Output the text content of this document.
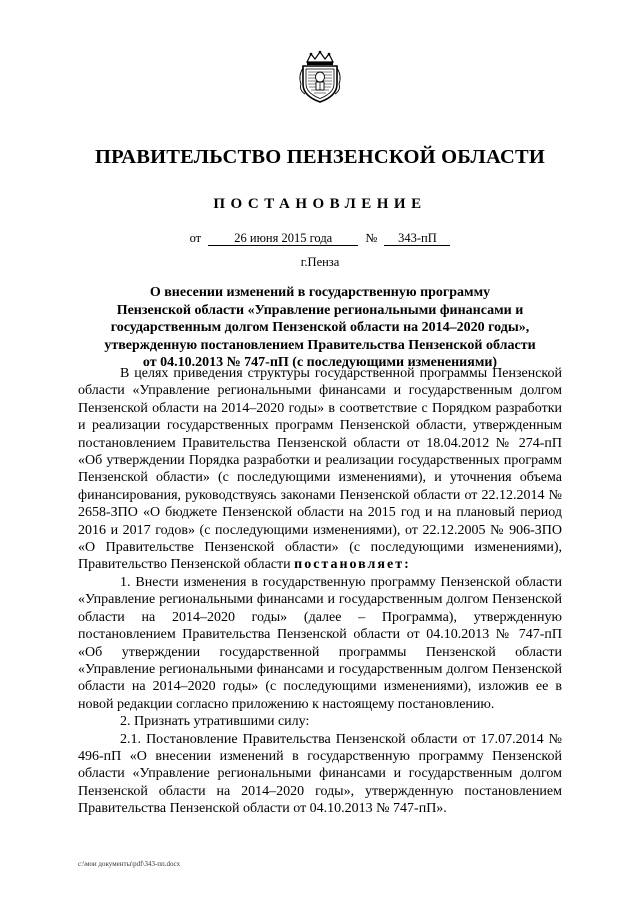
ПРАВИТЕЛЬСТВО ПЕНЗЕНСКОЙ ОБЛАСТИ
ПОСТАНОВЛЕНИЕ
от	26 июня 2015 года	№ 343-пП
г.Пенза
О внесении изменений в государственную программу
Пензенской области «Управление региональными финансами и
государственным долгом Пензенской области на 2014–2020 годы»,
утвержденную постановлением Правительства Пензенской области
от 04.10.2013 № 747-пП (с последующими изменениями)

В целях приведения структуры государственной программы Пензенской области «Управление региональными финансами и государственным долгом Пензенской области на 2014–2020 годы» в соответствие с Порядком разработки и реализации государственных программ Пензенской области, утвержденным постановлением Правительства Пензенской области от 18.04.2012 № 274-пП «Об утверждении Порядка разработки и реализации государственных программ Пензенской области» (с последующими изменениями), и уточнения объема финансирования, руководствуясь законами Пензенской области от 22.12.2014 № 2658-ЗПО «О бюджете Пензенской области на 2015 год и на плановый период 2016 и 2017 годов» (с последующими изменениями), от 22.12.2005 № 906-ЗПО «О Правительстве Пензенской области» (с последующими изменениями), Правительство Пензенской области постановляет:

1. Внести изменения в государственную программу Пензенской области «Управление региональными финансами и государственным долгом Пензенской области на 2014–2020 годы» (далее – Программа), утвержденную постановлением Правительства Пензенской области от 04.10.2013 № 747-пП «Об утверждении государственной программы Пензенской области «Управление региональными финансами и государственным долгом Пензенской области на 2014–2020 годы» (с последующими изменениями), изложив ее в новой редакции согласно приложению к настоящему постановлению.

2. Признать утратившими силу:

2.1. Постановление Правительства Пензенской области от 17.07.2014 № 496-пП «О внесении изменений в государственную программу Пензенской области «Управление региональными финансами и государственным долгом Пензенской области на 2014–2020 годы», утвержденную постановлением Правительства Пензенской области от 04.10.2013 № 747-пП».

c:\мои документы\pdf\343-пп.docx
